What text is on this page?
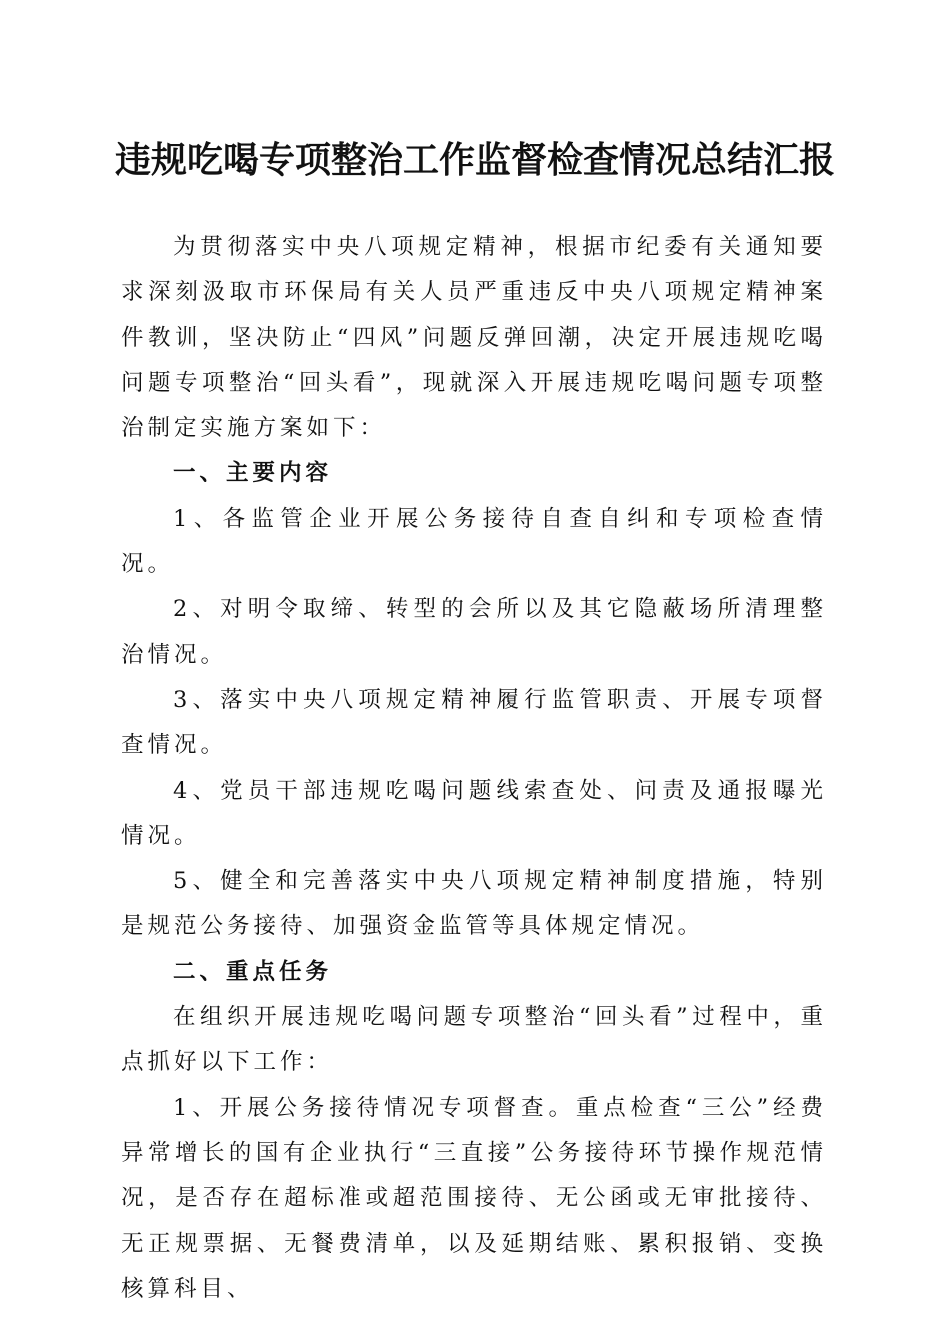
违规吃喝专项整治工作监督检查情况总结汇报

为贯彻落实中央八项规定精神，根据市纪委有关通知要求深刻汲取市环保局有关人员严重违反中央八项规定精神案件教训，坚决防止“四风”问题反弹回潮，决定开展违规吃喝问题专项整治“回头看”，现就深入开展违规吃喝问题专项整治制定实施方案如下：

一、主要内容

1、各监管企业开展公务接待自查自纠和专项检查情况。

2、对明令取缔、转型的会所以及其它隐蔽场所清理整治情况。

3、落实中央八项规定精神履行监管职责、开展专项督查情况。

4、党员干部违规吃喝问题线索查处、问责及通报曝光情况。

5、健全和完善落实中央八项规定精神制度措施，特别是规范公务接待、加强资金监管等具体规定情况。

二、重点任务

在组织开展违规吃喝问题专项整治“回头看”过程中，重点抓好以下工作：

1、开展公务接待情况专项督查。重点检查“三公”经费异常增长的国有企业执行“三直接”公务接待环节操作规范情况，是否存在超标准或超范围接待、无公函或无审批接待、无正规票据、无餐费清单，以及延期结账、累积报销、变换核算科目、
